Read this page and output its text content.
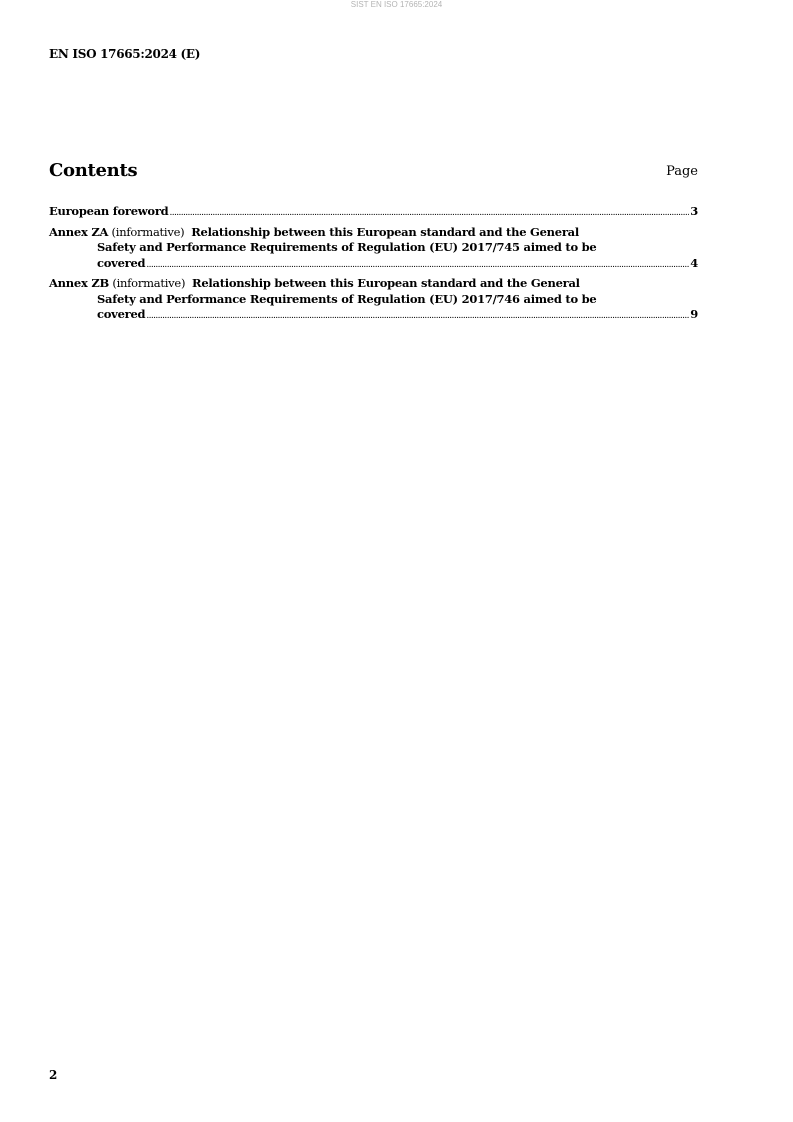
SIST EN ISO 17665:2024
EN ISO 17665:2024 (E)
Contents	Page
European foreword .....	3
Annex ZA
(informative)
Relationship between this European standard and the General
Safety and Performance Requirements of Regulation (EU) 2017/745 aimed to be
covered .....	4
Annex ZB
(informative)
Relationship between this European standard and the General
Safety and Performance Requirements of Regulation (EU) 2017/746 aimed to be
covered .....	9
2
